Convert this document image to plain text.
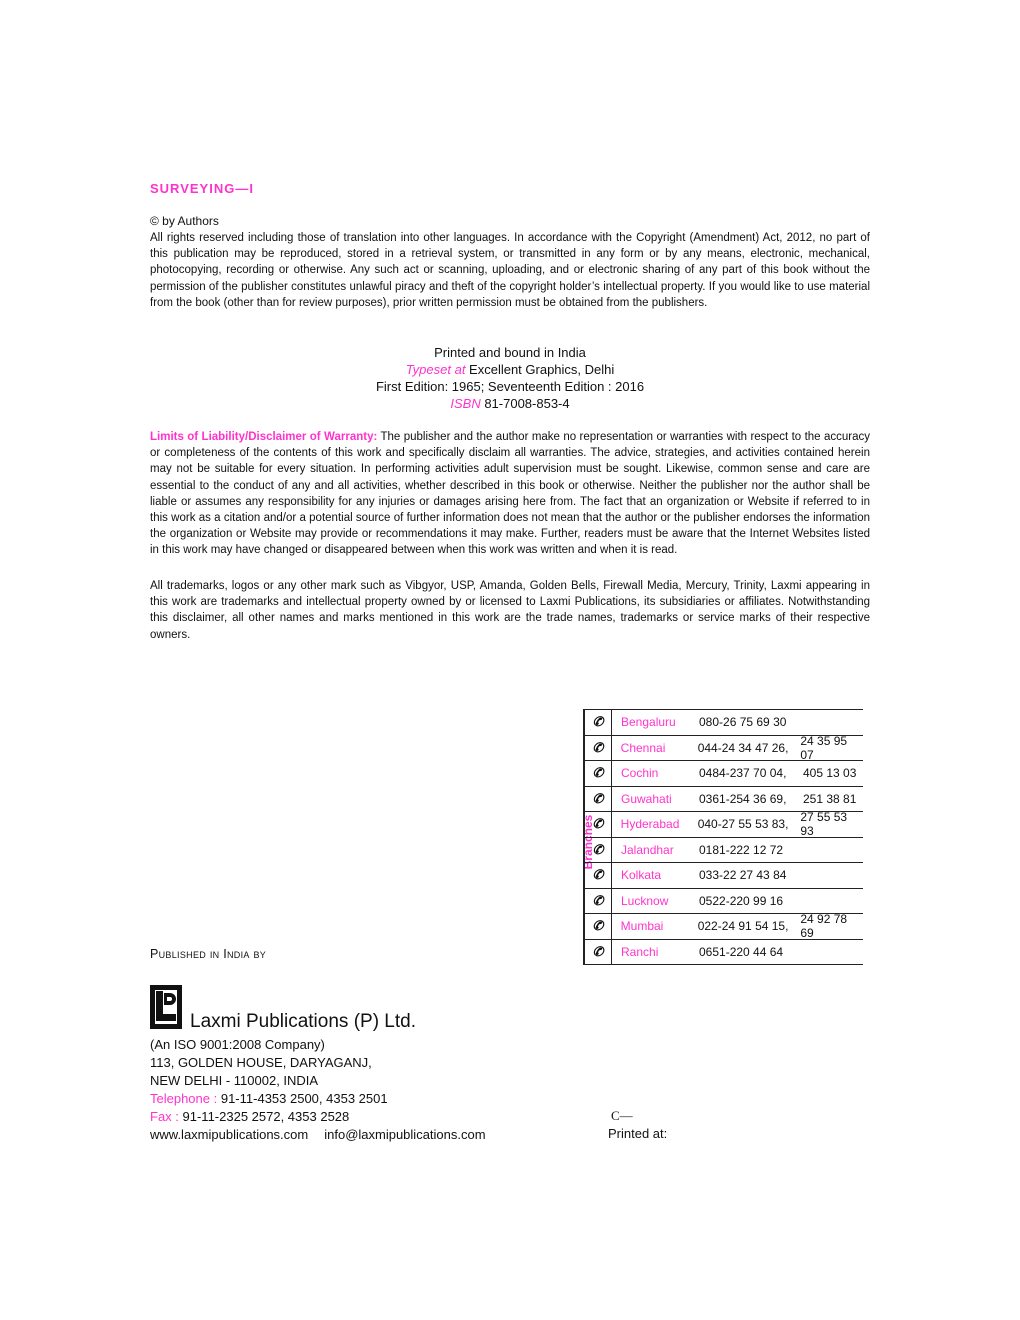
SURVEYING—I
© by Authors
All rights reserved including those of translation into other languages. In accordance with the Copyright (Amendment) Act, 2012, no part of this publication may be reproduced, stored in a retrieval system, or transmitted in any form or by any means, electronic, mechanical, photocopying, recording or otherwise. Any such act or scanning, uploading, and or electronic sharing of any part of this book without the permission of the publisher constitutes unlawful piracy and theft of the copyright holder’s intellectual property. If you would like to use material from the book (other than for review purposes), prior written permission must be obtained from the publishers.
Printed and bound in India
Typeset at Excellent Graphics, Delhi
First Edition: 1965; Seventeenth Edition : 2016
ISBN 81-7008-853-4
Limits of Liability/Disclaimer of Warranty: The publisher and the author make no representation or warranties with respect to the accuracy or completeness of the contents of this work and specifically disclaim all warranties. The advice, strategies, and activities contained herein may not be suitable for every situation. In performing activities adult supervision must be sought. Likewise, common sense and care are essential to the conduct of any and all activities, whether described in this book or otherwise. Neither the publisher nor the author shall be liable or assumes any responsibility for any injuries or damages arising here from. The fact that an organization or Website if referred to in this work as a citation and/or a potential source of further information does not mean that the author or the publisher endorses the information the organization or Website may provide or recommendations it may make. Further, readers must be aware that the Internet Websites listed in this work may have changed or disappeared between when this work was written and when it is read.
All trademarks, logos or any other mark such as Vibgyor, USP, Amanda, Golden Bells, Firewall Media, Mercury, Trinity, Laxmi appearing in this work are trademarks and intellectual property owned by or licensed to Laxmi Publications, its subsidiaries or affiliates. Notwithstanding this disclaimer, all other names and marks mentioned in this work are the trade names, trademarks or service marks of their respective owners.
Branches
✆	Bengaluru	080-26 75 69 30
✆	Chennai	044-24 34 47 26, 24 35 95 07
✆	Cochin	0484-237 70 04,	405 13 03
✆	Guwahati	0361-254 36 69,	251 38 81
✆	Hyderabad	040-27 55 53 83, 27 55 53 93
✆	Jalandhar	0181-222 12 72
✆	Kolkata	033-22 27 43 84
✆	Lucknow	0522-220 99 16
✆	Mumbai	022-24 91 54 15, 24 92 78 69
✆	Ranchi	0651-220 44 64
Published in India by
Laxmi Publications (P) Ltd.
(An ISO 9001:2008 Company)
113, GOLDEN HOUSE, DARYAGANJ,
NEW DELHI - 110002, INDIA
Telephone : 91-11-4353 2500, 4353 2501
Fax : 91-11-2325 2572, 4353 2528
www.laxmipublications.com info@laxmipublications.com
C—
Printed at:
